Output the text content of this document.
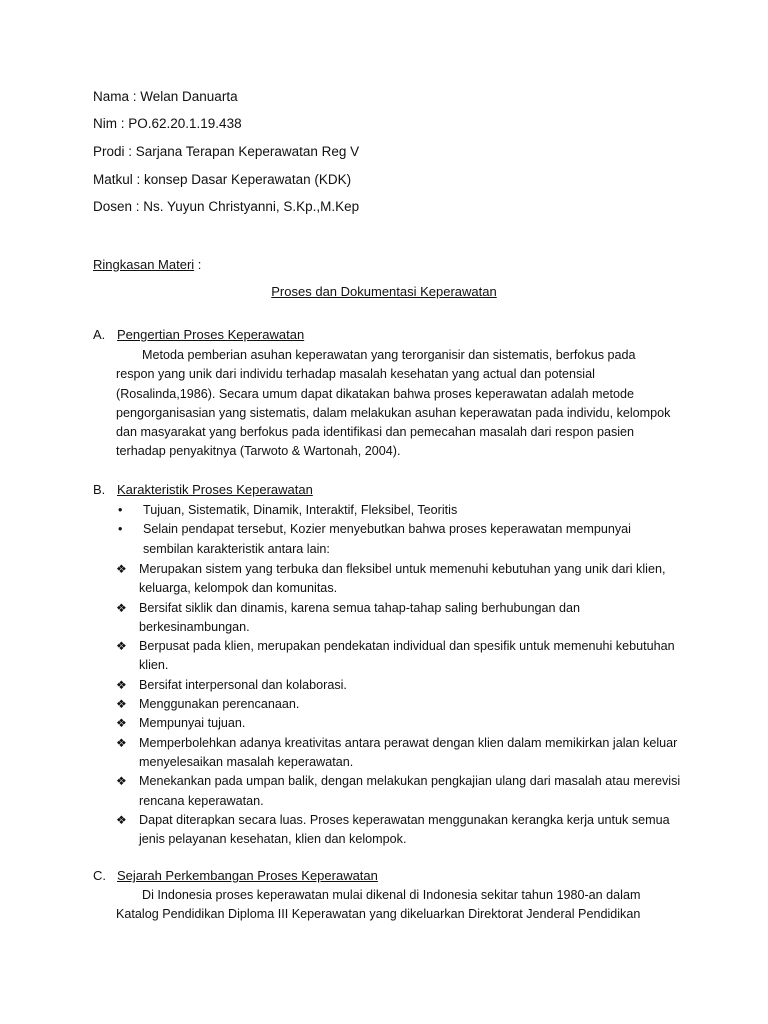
Nama : Welan Danuarta
Nim : PO.62.20.1.19.438
Prodi : Sarjana Terapan Keperawatan Reg V
Matkul : konsep Dasar Keperawatan (KDK)
Dosen : Ns. Yuyun Christyanni, S.Kp.,M.Kep
Ringkasan Materi :
Proses dan Dokumentasi Keperawatan
A. Pengertian Proses Keperawatan
Metoda pemberian asuhan keperawatan yang terorganisir dan sistematis, berfokus pada respon yang unik dari individu terhadap masalah kesehatan yang actual dan potensial (Rosalinda,1986). Secara umum dapat dikatakan bahwa proses keperawatan adalah metode pengorganisasian yang sistematis, dalam melakukan asuhan keperawatan pada individu, kelompok dan masyarakat yang berfokus pada identifikasi dan pemecahan masalah dari respon pasien terhadap penyakitnya (Tarwoto & Wartonah, 2004).
B. Karakteristik Proses Keperawatan
• Tujuan, Sistematik, Dinamik, Interaktif, Fleksibel, Teoritis
• Selain pendapat tersebut, Kozier menyebutkan bahwa proses keperawatan mempunyai sembilan karakteristik antara lain:
❖ Merupakan sistem yang terbuka dan fleksibel untuk memenuhi kebutuhan yang unik dari klien, keluarga, kelompok dan komunitas.
❖ Bersifat siklik dan dinamis, karena semua tahap-tahap saling berhubungan dan berkesinambungan.
❖ Berpusat pada klien, merupakan pendekatan individual dan spesifik untuk memenuhi kebutuhan klien.
❖ Bersifat interpersonal dan kolaborasi.
❖ Menggunakan perencanaan.
❖ Mempunyai tujuan.
❖ Memperbolehkan adanya kreativitas antara perawat dengan klien dalam memikirkan jalan keluar menyelesaikan masalah keperawatan.
❖ Menekankan pada umpan balik, dengan melakukan pengkajian ulang dari masalah atau merevisi rencana keperawatan.
❖ Dapat diterapkan secara luas. Proses keperawatan menggunakan kerangka kerja untuk semua jenis pelayanan kesehatan, klien dan kelompok.
C. Sejarah Perkembangan Proses Keperawatan
Di Indonesia proses keperawatan mulai dikenal di Indonesia sekitar tahun 1980-an dalam Katalog Pendidikan Diploma III Keperawatan yang dikeluarkan Direktorat Jenderal Pendidikan
